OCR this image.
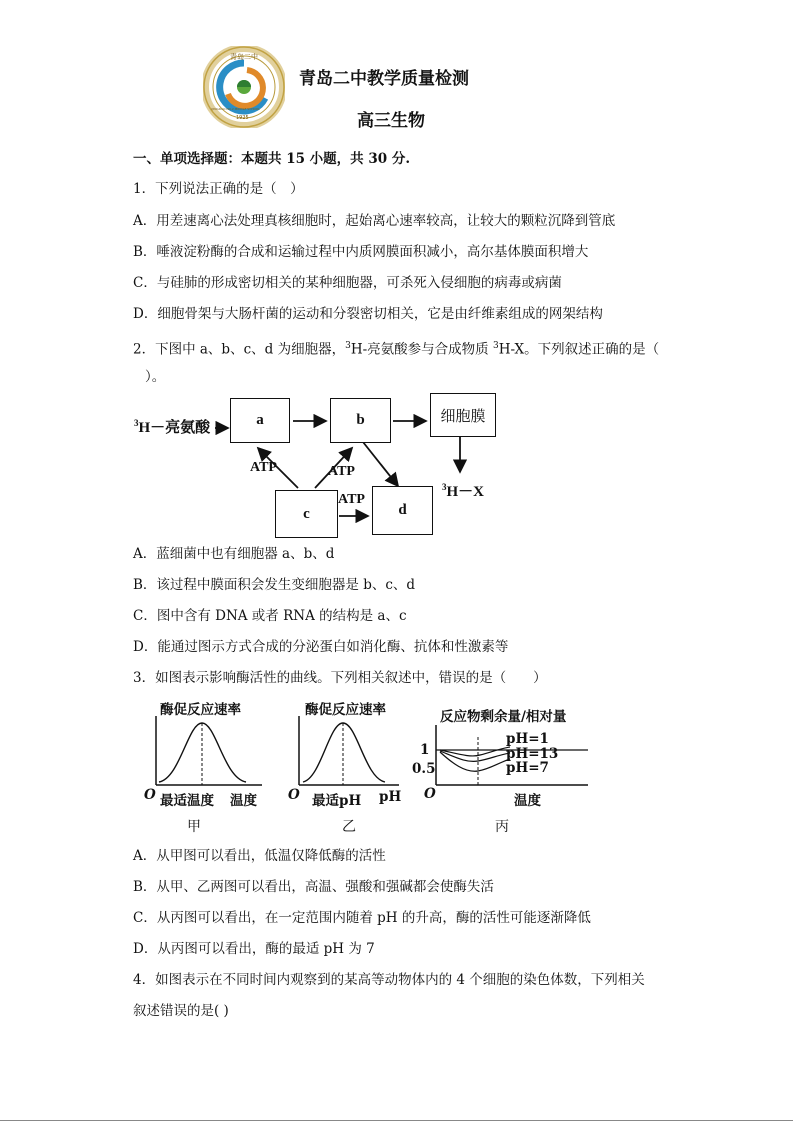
青岛二中
1925
QINGDAO NO.2 MIDDLE SCHOOL
青岛二中教学质量检测
高三生物
一、单项选择题：本题共 15 小题，共 30 分.
1．下列说法正确的是（　）
A．用差速离心法处理真核细胞时，起始离心速率较高，让较大的颗粒沉降到管底
B．唾液淀粉酶的合成和运输过程中内质网膜面积减小，高尔基体膜面积增大
C．与硅肺的形成密切相关的某种细胞器，可杀死入侵细胞的病毒或病菌
D．细胞骨架与大肠杆菌的运动和分裂密切相关，它是由纤维素组成的网架结构
2．下图中 a、b、c、d 为细胞器，$^3$H-亮氨酸参与合成物质 $^3$H-X。下列叙述正确的是（
）。
$^3$H－亮氨酸	a	b	细胞膜
c	d
ATP	ATP
ATP
$^3$H－X
A．蓝细菌中也有细胞器 a、b、d
B．该过程中膜面积会发生变细胞器是 b、c、d
C．图中含有 DNA 或者 RNA 的结构是 a、c
D．能通过图示方式合成的分泌蛋白如消化酶、抗体和性激素等
3．如图表示影响酶活性的曲线。下列相关叙述中，错误的是（　　）
酶促反应速率
O 最适温度 温度
甲
酶促反应速率
O 最适pH pH
乙
反应物剩余量/相对量
1
0.5
pH=1
pH=13
pH=7
O	温度
丙
A．从甲图可以看出，低温仅降低酶的活性
B．从甲、乙两图可以看出，高温、强酸和强碱都会使酶失活
C．从丙图可以看出，在一定范围内随着 pH 的升高，酶的活性可能逐渐降低
D．从丙图可以看出，酶的最适 pH 为 7
4．如图表示在不同时间内观察到的某高等动物体内的 4 个细胞的染色体数，下列相关
叙述错误的是( )
